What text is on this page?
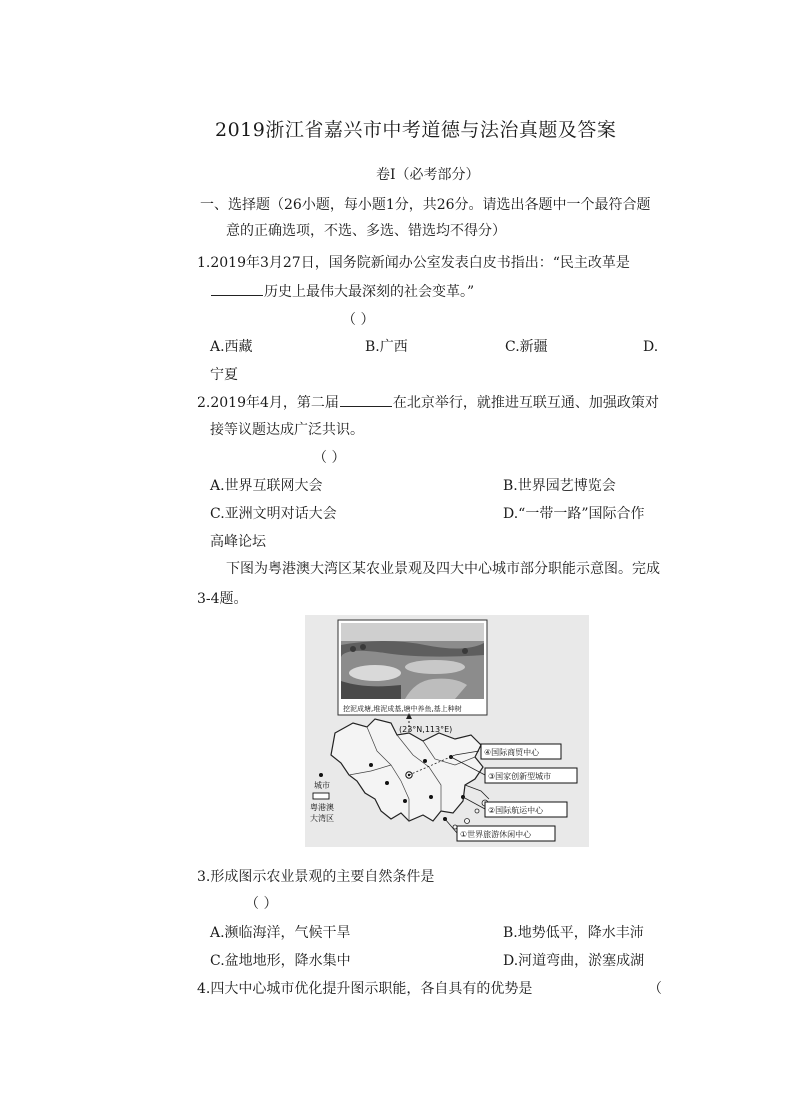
2019浙江省嘉兴市中考道德与法治真题及答案
卷Ⅰ（必考部分）
一、选择题（26小题，每小题1分，共26分。请选出各题中一个最符合题
意的正确选项，不选、多选、错选均不得分）
1.2019年3月27日，国务院新闻办公室发表白皮书指出：“民主改革是
历史上最伟大最深刻的社会变革。”
（ ）
A.西藏	B.广西	C.新疆	D.
宁夏
2.2019年4月，第二届	在北京举行，就推进互联互通、加强政策对
接等议题达成广泛共识。
（ ）
A.世界互联网大会	B.世界园艺博览会
C.亚洲文明对话大会	D.“一带一路”国际合作
高峰论坛
下图为粤港澳大湾区某农业景观及四大中心城市部分职能示意图。完成
3-4题。
挖泥成塘,堆泥成基,塘中养鱼,基上种树
(23°N,113°E)
④国际商贸中心
③国家创新型城市
②国际航运中心
①世界旅游休闲中心
城市
粤港澳
大湾区
3.形成图示农业景观的主要自然条件是
（ ）
A.濒临海洋，气候干旱	B.地势低平，降水丰沛
C.盆地地形，降水集中	D.河道弯曲，淤塞成湖
4.四大中心城市优化提升图示职能，各自具有的优势是	（
